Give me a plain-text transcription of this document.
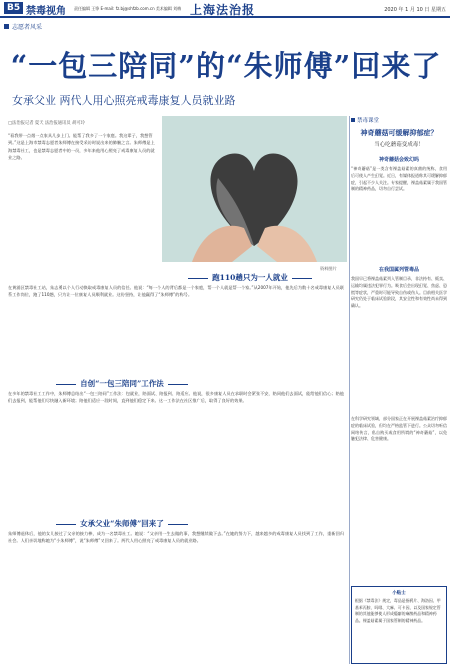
B5 禁毒视角 责任编辑 王铮 E-mail: fz.bj@shfzb.com.cn 美术编辑 刘梅 上海法治报	2020 年 1 月 10 日 星期五
志愿者风采
“一包三陪同”的“朱师傅”回来了
女承父业 两代人用心照亮戒毒康复人员就业路
□法治报记者 夏天 法治报通讯员 胡可玲
“看我带一点烟一点家具几步上门。能帮了我多了一个家庭。我这辈子，我想管到。”这是上海市禁毒志愿者朱师傅在接受采访时说出来的肺腑之言。朱师傅是上海禁毒社工，也是禁毒志愿者中的一员，多年来他用心照亮了戒毒康复人员的就业之路。
资料图片
跑110趟只为一人就业
在黄浦区禁毒社工站，朱志勇以个人行动换取戒毒康复人员的信任。他说：“每一个人的背后都是一个家庭，帮一个人就是帮一个家。”从2007年开始，他先后为数十名戒毒康复人员联系工作岗位，跑了110趟，只为让一位康复人员顺利就业。这份坚持，让他赢得了“朱师傅”的称号。
自创“一包三陪同”工作法
在多年的禁毒社工工作中，朱师傅总结出“一包三陪同”工作法：包就业，陪面试、陪报到、陪适应。他说，很多康复人员在求职时会紧张不安，陪同他们去面试，能给他们信心；陪他们去报到，能帮他们尽快融入新环境；陪他们适应一段时间，直到他们稳定下来。这一工作法在社区推广后，取得了良好的效果。
女承父业“朱师傅”回来了
朱师傅退休后，他的女儿接过了父亲的接力棒，成为一名禁毒社工。她说：“父亲用一生去做的事，我想继续做下去。”在她的努力下，越来越多的戒毒康复人员找到了工作，重新回归社会。人们亲切地称她为“小朱师傅”，说“朱师傅”又回来了。两代人用心照亮了戒毒康复人员的就业路。
禁毒课堂
神奇蘑菇可缓解抑郁症？
当心吃蘑菇变成毒！
神奇蘑菇会致幻吗
“神奇蘑菇”是一类含有裸盖菇素的真菌的统称，食用后可使人产生幻觉。近日，有媒体报道称其可缓解抑郁症，引起不少人关注。专家提醒，裸盖菇素属于我国管制的精神药品，切勿自行尝试。
在我国属列管毒品
我国早已将裸盖菇素列入管制目录，非法持有、贩卖、运输均属违法犯罪行为。吸食后会出现幻觉、焦虑、恐慌等症状，严重时可能导致自伤或伤人。目前相关医学研究仍处于临床试验阶段，其安全性和有效性尚未得到确认。
在科学研究领域，部分国家正在开展裸盖菇素治疗抑郁症的临床试验，但均在严格监管下进行。公众切勿听信网络传言，私自购买或食用所谓的“神奇蘑菇”，以免触犯法律、危害健康。
小贴士
根据《禁毒法》规定，毒品是指鸦片、海洛因、甲基苯丙胺、吗啡、大麻、可卡因，以及国家规定管制的其他能够使人形成瘾癖的麻醉药品和精神药品。裸盖菇素属于国家管制的精神药品。
